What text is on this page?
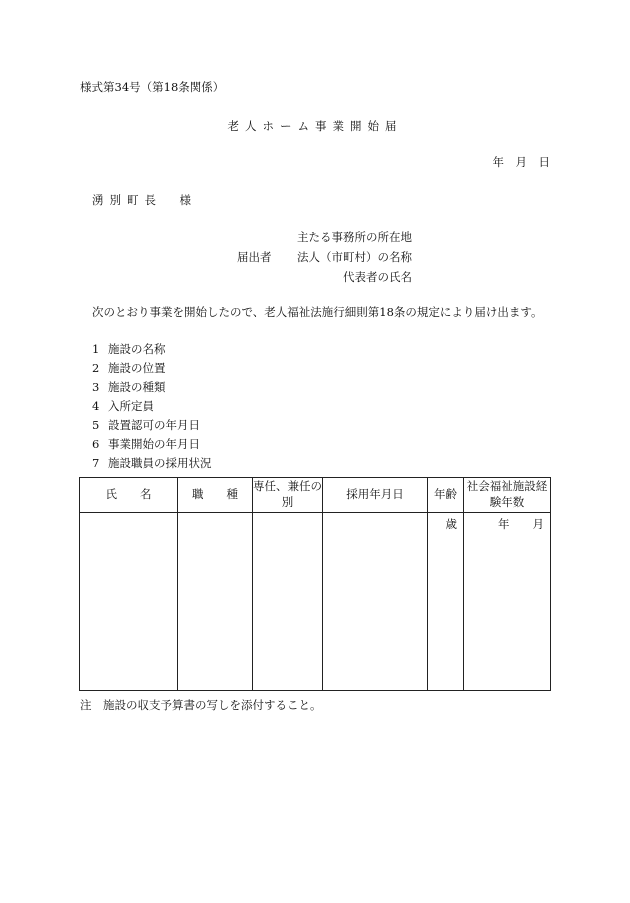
様式第34号（第18条関係）
老人ホーム事業開始届
年　月　日
湧別町長　様
主たる事務所の所在地
届出者 法人（市町村）の名称
代表者の氏名
次のとおり事業を開始したので、老人福祉法施行細則第18条の規定により届け出ます。
1 施設の名称
2 施設の位置
3 施設の種類
4 入所定員
5 設置認可の年月日
6 事業開始の年月日
7 施設職員の採用状況
氏　　名	職　　種	専任、兼任の別	採用年月日	年齢	社会福祉施設経験年数
				歳	年　　月
注　施設の収支予算書の写しを添付すること。
